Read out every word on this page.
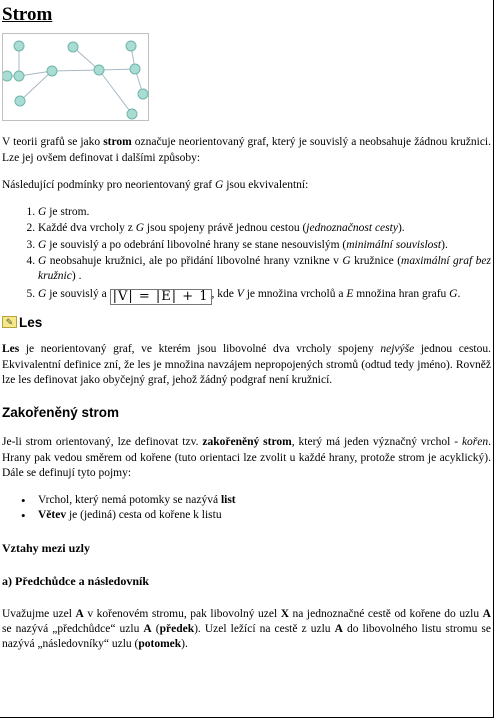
Strom

V teorii grafů se jako strom označuje neorientovaný graf, který je souvislý a neobsahuje žádnou kružnici. Lze jej ovšem definovat i dalšími způsoby:

Následující podmínky pro neorientovaný graf G jsou ekvivalentní:

1. G je strom.
2. Každé dva vrcholy z G jsou spojeny právě jednou cestou (jednoznačnost cesty).
3. G je souvislý a po odebrání libovolné hrany se stane nesouvislým (minimální souvislost).
4. G neobsahuje kružnici, ale po přidání libovolné hrany vznikne v G kružnice (maximální graf bez kružnic) .
5. G je souvislý a |V| = |E| + 1 , kde V je množina vrcholů a E množina hran grafu G.
✎ Les

Les je neorientovaný graf, ve kterém jsou libovolné dva vrcholy spojeny nejvýše jednou cestou. Ekvivalentní definice zní, že les je množina navzájem nepropojených stromů (odtud tedy jméno). Rovněž lze les definovat jako obyčejný graf, jehož žádný podgraf není kružnicí.

Zakořeněný strom

Je-li strom orientovaný, lze definovat tzv. zakořeněný strom, který má jeden význačný vrchol - kořen. Hrany pak vedou směrem od kořene (tuto orientaci lze zvolit u každé hrany, protože strom je acyklický). Dále se definují tyto pojmy:

• Vrchol, který nemá potomky se nazývá list
• Větev je (jediná) cesta od kořene k listu
Vztahy mezi uzly
a) Předchůdce a následovník

Uvažujme uzel A v kořenovém stromu, pak libovolný uzel X na jednoznačné cestě od kořene do uzlu A se nazývá „předchůdce“ uzlu A (předek). Uzel ležící na cestě z uzlu A do libovolného listu stromu se nazývá „následovníky“ uzlu (potomek).
